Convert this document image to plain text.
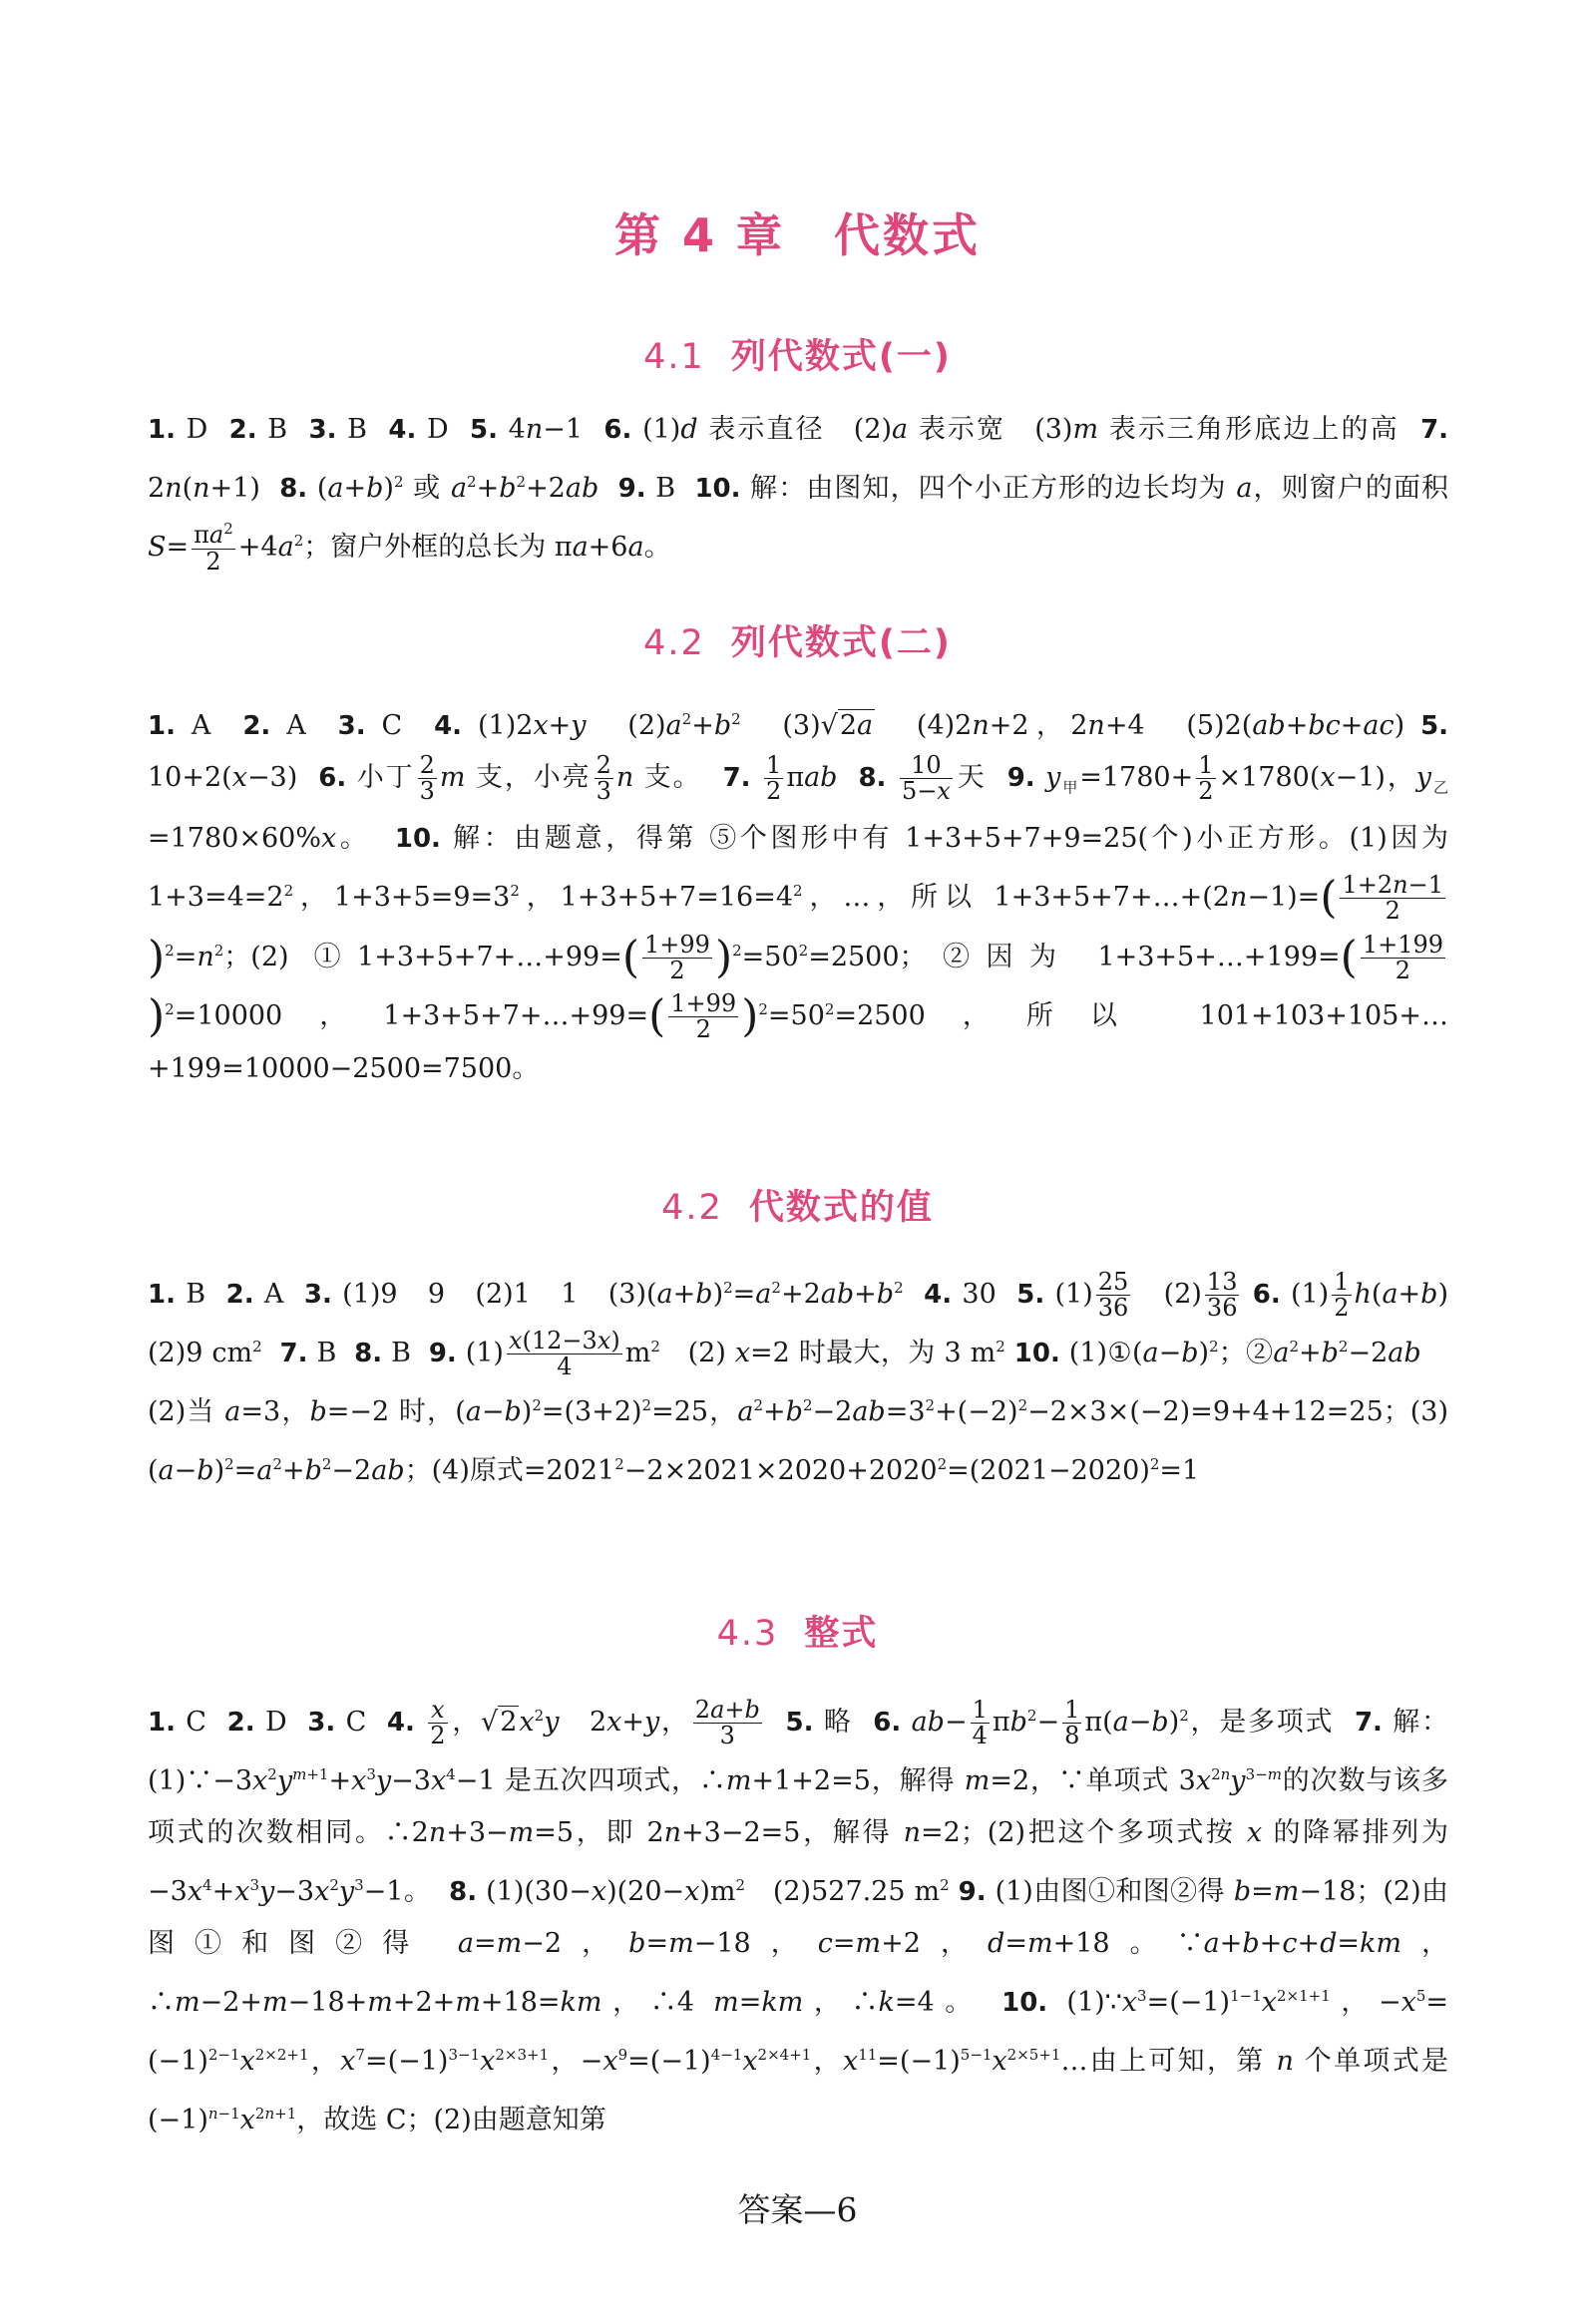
第 4 章　代数式
4.1 列代数式(一)
1. D  2. B  3. B  4. D  5. 4n−1  6. (1)d 表示直径　(2)a 表示宽　(3)m 表示三角形底边上的高  7. 2n(n+1)  8. $(a+b)^2$ 或 $a^2+b^2+2ab$ 9. B  10. 解：由图知，四个小正方形的边长均为 a，则窗户的面积 $S= \frac{\pi a^2}{2} +4a^2$；窗户外框的总长为 πa+6a。
4.2 列代数式(二)
1. A  2. A  3. C  4. (1)2x+y　$(2)a^2+b^2$　(3)√2a　(4)2n+2，2n+4　(5)2(ab+bc+ac) 5. 10+2(x−3)  6. 小丁 $\frac{2}{3}$ m 支，小亮 $\frac{2}{3}$ n 支。  7. $\frac{1}{2}$ πab 8. $\frac{10}{5-x}$ 天  9. $y_甲=1780+ \frac{1}{2} \times 1780(x-1)$，$y_乙=1780\times 60\%x$。  10. 解：由题意，得第 ⑤个图形中有 1+3+5+7+9=25(个)小正方形。(1)因为 $1+3=4=2^2$，$1+3+5=9=3^2$，$1+3+5+7=16=4^2$，…，所以 1+3+5+7+…+(2n−1)=( $\frac{1+2n-1}{2}$
)$^2=n^2$；(2) ①1+3+5+7+…+99=( $\frac{1+99}{2} )^2=50^2=2500$；②因为 1+3+5+…+199=( $\frac{1+199}{2}$
)$^2$=10000，1+3+5+7+…+99=( $\frac{1+99}{2} )^2=50^2=2500$，所以 101+103+105+…+199=10000−2500=7500。
4.2 代数式的值
1. B  2. A  3. (1)9　9　(2)1　1　$(3)(a+b)^2=a^2+2ab+b^2$ 4. 30  5. $(1) \frac{25}{36}$ 　$(2) \frac{13}{36} 6$. $(1) \frac{1}{2} h(a+b)$　(2)9 $cm^2$ 7. B  8. B  9. $(1) \frac{x(12-3x)}{4} m^2$　(2) x=2 时最大，为 3 $m^2$ 10. $(1)①(a-b)^2$；$②a^2+b^2-2ab$　(2)当 a=3，b=−2 时，$(a-b)^2=(3+2)^2=25$，$a^2+b^2-2ab=3^2+(-2)^2-2\times 3\times(-2)=9+4+12=25$；$(3)(a-b)^2=a^2+b^2-2ab$；(4)原式$=2021^2-2\times 2021\times 2020+2020^2=(2021-2020)^2=1$
4.3 整式
1. C  2. D  3. C  4. $\frac{x}{2}$ ，$√2x^2y$　2x+y， $\frac{2a+b}{3} 5$. 略  6. $ab- \frac{1}{4} \pi b^2- \frac{1}{8} \pi(a-b)^2$，是多项式  7. 解：$(1)\because-3x^2y^{m+1}+x^3y-3x^4-1$ 是五次四项式，∴m+1+2=5，解得 m=2，∵单项式 $3x^{2n}y^{3-m}$的次数与该多项式的次数相同。∴2n+3−m=5，即 2n+3−2=5，解得 n=2；(2)把这个多项式按 x 的降幂排列为$-3x^4+x^3y-3x^2y^3-1$。  8. $(1)(30-x)(20-x)m^2$　(2)527.25 $m^2$ 9. (1)由图①和图②得 b=m−18；(2)由图①和图②得 a=m−2，b=m−18，c=m+2，d=m+18。∵a+b+c+d=km，∴m−2+m−18+m+2+m+18=km，∴4 m=km，∴k=4。 10. $(1)\because x^3=(-1)^{1-1}x^{2\times 1+1}$，$-x^5=(-1)^{2-1}x^{2\times 2+1}$，$x^7=(-1)^{3-1}x^{2\times 3+1}$，$-x^9=(-1)^{4-1}x^{2\times 4+1}$，$x^{11}=(-1)^{5-1}x^{2\times 5+1}\dots$由上可知，第 n 个单项式是$(-1)^{n-1}x^{2n+1}$，故选 C；(2)由题意知第
答案—6
